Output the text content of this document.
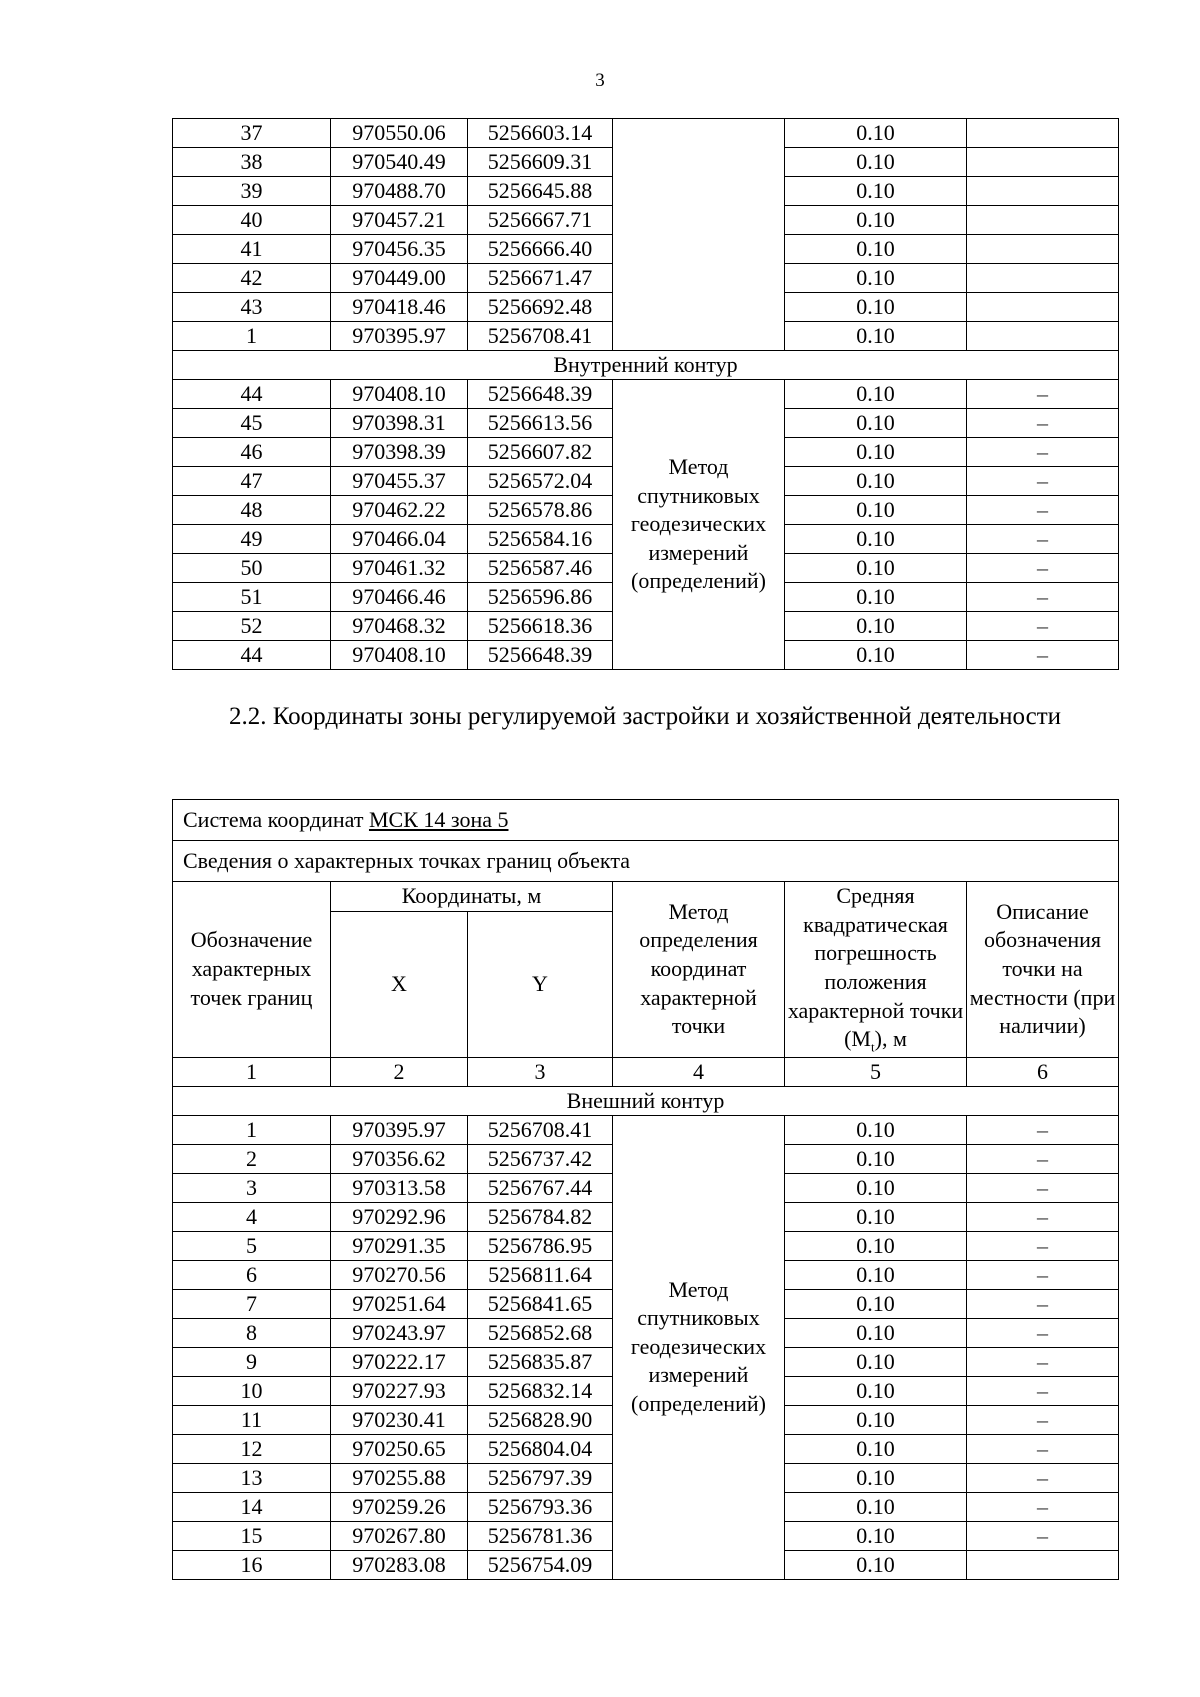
3
37	970550.06	5256603.14		0.10	
38	970540.49	5256609.31		0.10	
39	970488.70	5256645.88		0.10	
40	970457.21	5256667.71		0.10	
41	970456.35	5256666.40		0.10	
42	970449.00	5256671.47		0.10	
43	970418.46	5256692.48		0.10	
1	970395.97	5256708.41		0.10	
Внутренний контур					
44	970408.10	5256648.39	Метод спутниковых геодезических измерений (определений)	0.10	–
45	970398.31	5256613.56		0.10	–
46	970398.39	5256607.82		0.10	–
47	970455.37	5256572.04		0.10	–
48	970462.22	5256578.86		0.10	–
49	970466.04	5256584.16		0.10	–
50	970461.32	5256587.46		0.10	–
51	970466.46	5256596.86		0.10	–
52	970468.32	5256618.36		0.10	–
44	970408.10	5256648.39		0.10	–
2.2. Координаты зоны регулируемой застройки и хозяйственной деятельности
Система координат МСК 14 зона 5					
Сведения о характерных точках границ объекта					
Обозначение характерных точек границ	Координаты, м		Метод определения координат характерной точки	Средняя квадратическая погрешность положения характерной точки $(M_t)$, м	Описание обозначения точки на местности (при наличии)
	X	Y			
1	2	3	4	5	6
Внешний контур					
1	970395.97	5256708.41	Метод спутниковых геодезических измерений (определений)	0.10	–
2	970356.62	5256737.42		0.10	–
3	970313.58	5256767.44		0.10	–
4	970292.96	5256784.82		0.10	–
5	970291.35	5256786.95		0.10	–
6	970270.56	5256811.64		0.10	–
7	970251.64	5256841.65		0.10	–
8	970243.97	5256852.68		0.10	–
9	970222.17	5256835.87		0.10	–
10	970227.93	5256832.14		0.10	–
11	970230.41	5256828.90		0.10	–
12	970250.65	5256804.04		0.10	–
13	970255.88	5256797.39		0.10	–
14	970259.26	5256793.36		0.10	–
15	970267.80	5256781.36		0.10	–
16	970283.08	5256754.09		0.10	
